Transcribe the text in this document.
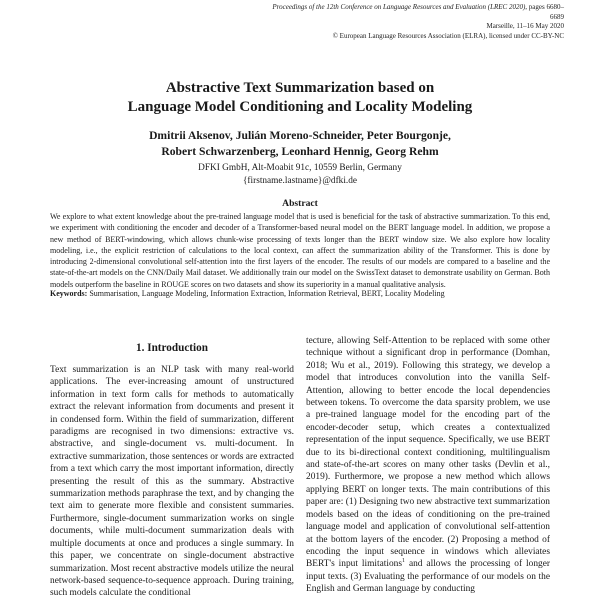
Proceedings of the 12th Conference on Language Resources and Evaluation (LREC 2020), pages 6680–6689
Marseille, 11–16 May 2020
© European Language Resources Association (ELRA), licensed under CC-BY-NC
Abstractive Text Summarization based on
Language Model Conditioning and Locality Modeling
Dmitrii Aksenov, Julián Moreno-Schneider, Peter Bourgonje,
Robert Schwarzenberg, Leonhard Hennig, Georg Rehm
DFKI GmbH, Alt-Moabit 91c, 10559 Berlin, Germany
{firstname.lastname}@dfki.de
Abstract
We explore to what extent knowledge about the pre-trained language model that is used is beneficial for the task of abstractive summarization. To this end, we experiment with conditioning the encoder and decoder of a Transformer-based neural model on the BERT language model. In addition, we propose a new method of BERT-windowing, which allows chunk-wise processing of texts longer than the BERT window size. We also explore how locality modeling, i.e., the explicit restriction of calculations to the local context, can affect the summarization ability of the Transformer. This is done by introducing 2-dimensional convolutional self-attention into the first layers of the encoder. The results of our models are compared to a baseline and the state-of-the-art models on the CNN/Daily Mail dataset. We additionally train our model on the SwissText dataset to demonstrate usability on German. Both models outperform the baseline in ROUGE scores on two datasets and show its superiority in a manual qualitative analysis.
Keywords: Summarisation, Language Modeling, Information Extraction, Information Retrieval, BERT, Locality Modeling
1. Introduction
Text summarization is an NLP task with many real-world applications. The ever-increasing amount of unstructured information in text form calls for methods to automatically extract the relevant information from documents and present it in condensed form. Within the field of summarization, different paradigms are recognised in two dimensions: extractive vs. abstractive, and single-document vs. multi-document. In extractive summarization, those sentences or words are extracted from a text which carry the most important information, directly presenting the result of this as the summary. Abstractive summarization methods paraphrase the text, and by changing the text aim to generate more flexible and consistent summaries. Furthermore, single-document summarization works on single documents, while multi-document summarization deals with multiple documents at once and produces a single summary. In this paper, we concentrate on single-document abstractive summarization. Most recent abstractive models utilize the neural network-based sequence-to-sequence approach. During training, such models calculate the conditional
tecture, allowing Self-Attention to be replaced with some other technique without a significant drop in performance (Domhan, 2018; Wu et al., 2019). Following this strategy, we develop a model that introduces convolution into the vanilla Self-Attention, allowing to better encode the local dependencies between tokens. To overcome the data sparsity problem, we use a pre-trained language model for the encoding part of the encoder-decoder setup, which creates a contextualized representation of the input sequence. Specifically, we use BERT due to its bi-directional context conditioning, multilingualism and state-of-the-art scores on many other tasks (Devlin et al., 2019). Furthermore, we propose a new method which allows applying BERT on longer texts. The main contributions of this paper are: (1) Designing two new abstractive text summarization models based on the ideas of conditioning on the pre-trained language model and application of convolutional self-attention at the bottom layers of the encoder. (2) Proposing a method of encoding the input sequence in windows which alleviates BERT's input limitations$^1$ and allows the processing of longer input texts. (3) Evaluating the performance of our models on the English and German language by conducting
